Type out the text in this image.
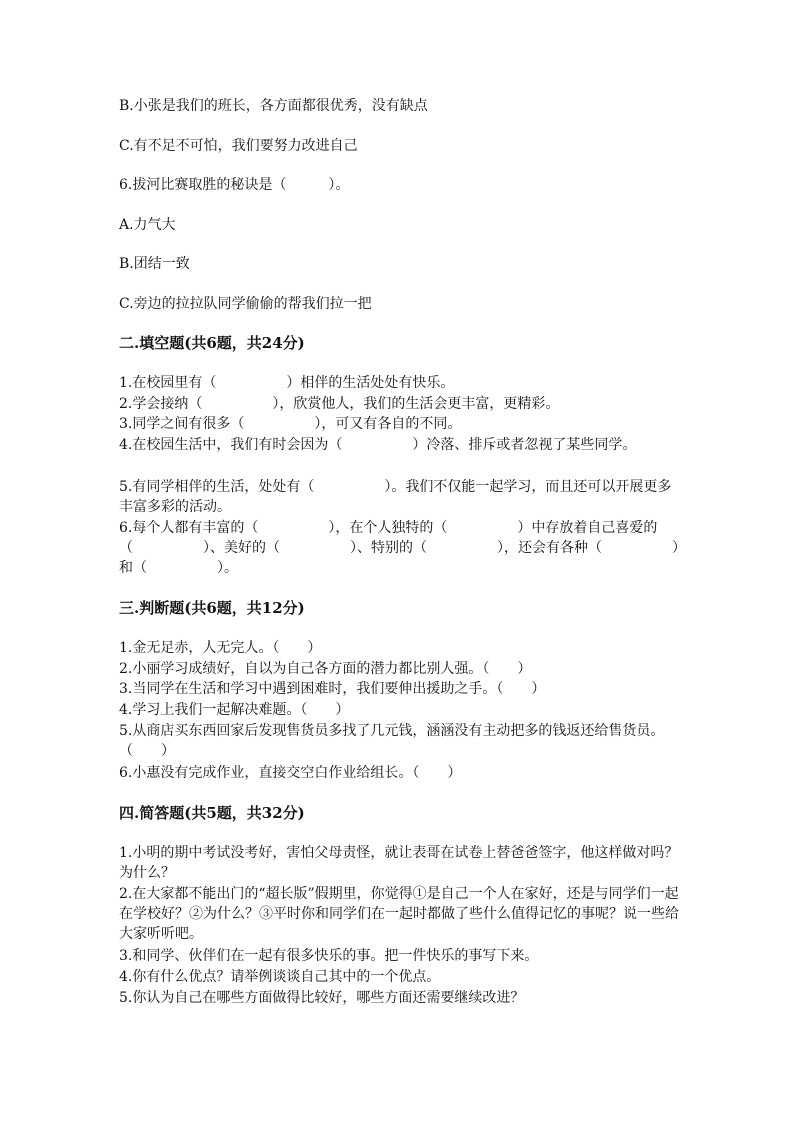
B.小张是我们的班长，各方面都很优秀，没有缺点

C.有不足不可怕，我们要努力改进自己

6.拔河比赛取胜的秘诀是（　　　）。

A.力气大

B.团结一致

C.旁边的拉拉队同学偷偷的帮我们拉一把

二.填空题(共6题，共24分)

1.在校园里有（　　　　　）相伴的生活处处有快乐。

2.学会接纳（　　　　　），欣赏他人，我们的生活会更丰富，更精彩。

3.同学之间有很多（　　　　　），可又有各自的不同。

4.在校园生活中，我们有时会因为（　　　　　）冷落、排斥或者忽视了某些同学。

5.有同学相伴的生活，处处有（　　　　　）。我们不仅能一起学习，而且还可以开展更多丰富多彩的活动。

6.每个人都有丰富的（　　　　　），在个人独特的（　　　　　）中存放着自己喜爱的（　　　　　）、美好的（　　　　　）、特别的（　　　　　），还会有各种（　　　　　）和（　　　　　）。

三.判断题(共6题，共12分)

1.金无足赤，人无完人。（　　）

2.小丽学习成绩好，自以为自己各方面的潜力都比别人强。（　　）

3.当同学在生活和学习中遇到困难时，我们要伸出援助之手。（　　）

4.学习上我们一起解决难题。（　　）

5.从商店买东西回家后发现售货员多找了几元钱，涵涵没有主动把多的钱返还给售货员。（　　）

6.小惠没有完成作业，直接交空白作业给组长。（　　）

四.简答题(共5题，共32分)

1.小明的期中考试没考好，害怕父母责怪，就让表哥在试卷上替爸爸签字，他这样做对吗？为什么？

2.在大家都不能出门的“超长版”假期里，你觉得①是自己一个人在家好，还是与同学们一起在学校好？②为什么？③平时你和同学们在一起时都做了些什么值得记忆的事呢？说一些给大家听听吧。

3.和同学、伙伴们在一起有很多快乐的事。把一件快乐的事写下来。

4.你有什么优点？请举例谈谈自己其中的一个优点。

5.你认为自己在哪些方面做得比较好，哪些方面还需要继续改进？
